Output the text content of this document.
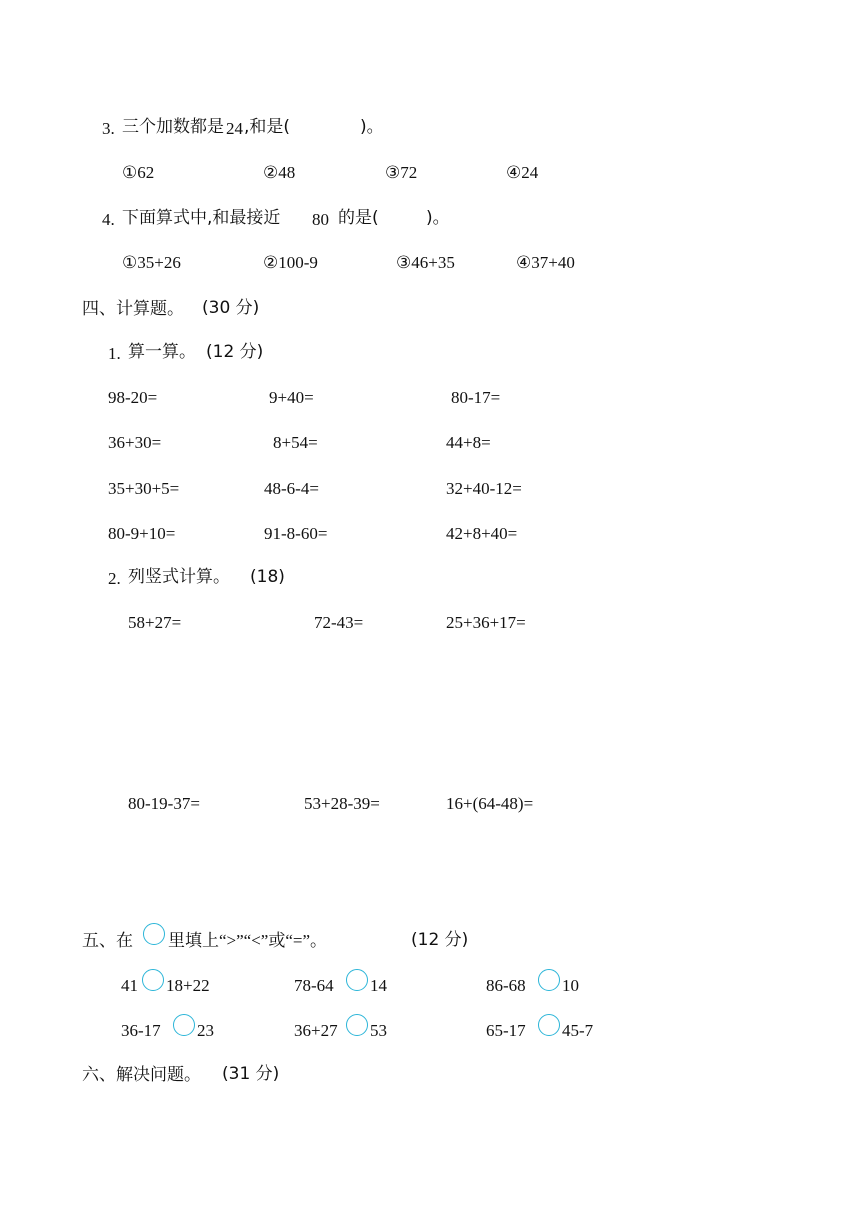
3. 三个加数都是 24 ,和是(	)。
①62	②48	③72	④24
4. 下面算式中,和最接近 80 的是(	)。
①35+26	②100-9	③46+35	④37+40
四、计算题。 (30 分)
1. 算一算。 (12 分)
98-20=	9+40=	80-17=
36+30=	8+54=	44+8=
35+30+5=	48-6-4=	32+40-12=
80-9+10=	91-8-60=	42+8+40=
2. 列竖式计算。 (18)
58+27=	72-43=	25+36+17=
80-19-37=	53+28-39=	16+(64-48)=
五、在 里填上“>”“<”或“=”。	(12 分)
41 18+22	78-64 14	86-68 10
36-17 23	36+27 53	65-17 45-7
六、解决问题。 (31 分)
